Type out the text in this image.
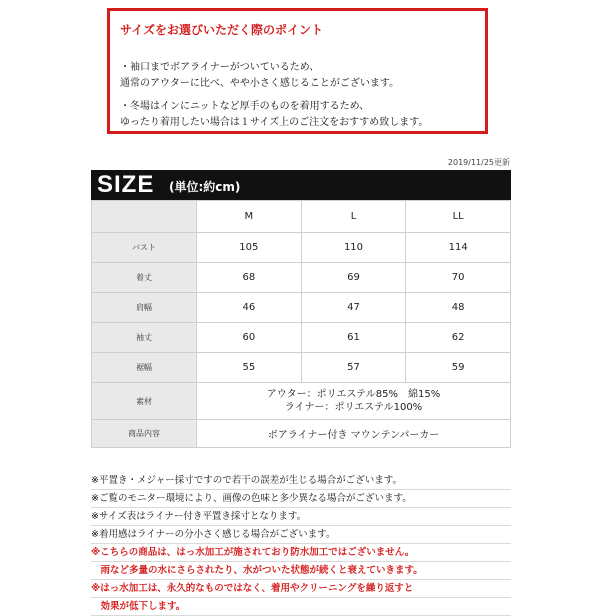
サイズをお選びいただく際のポイント
・袖口までボアライナーがついているため、
通常のアウターに比べ、やや小さく感じることがございます。
・冬場はインにニットなど厚手のものを着用するため、
ゆったり着用したい場合は１サイズ上のご注文をおすすめ致します。
2019/11/25更新
SIZE (単位:約cm)
	M	L	LL
バスト	105	110	114
着丈	68	69	70
肩幅	46	47	48
袖丈	60	61	62
裾幅	55	57	59
素材	アウター：ポリエステル85%　綿15%
ライナー：ポリエステル100%		

商品内容	ボアライナー付き マウンテンパーカー		
※平置き・メジャー採寸ですので若干の誤差が生じる場合がございます。
※ご覧のモニター環境により、画像の色味と多少異なる場合がございます。
※サイズ表はライナー付き平置き採寸となります。
※着用感はライナーの分小さく感じる場合がございます。
※こちらの商品は、はっ水加工が施されており防水加工ではございません。
　雨など多量の水にさらされたり、水がついた状態が続くと衰えていきます。
※はっ水加工は、永久的なものではなく、着用やクリーニングを繰り返すと
　効果が低下します。
